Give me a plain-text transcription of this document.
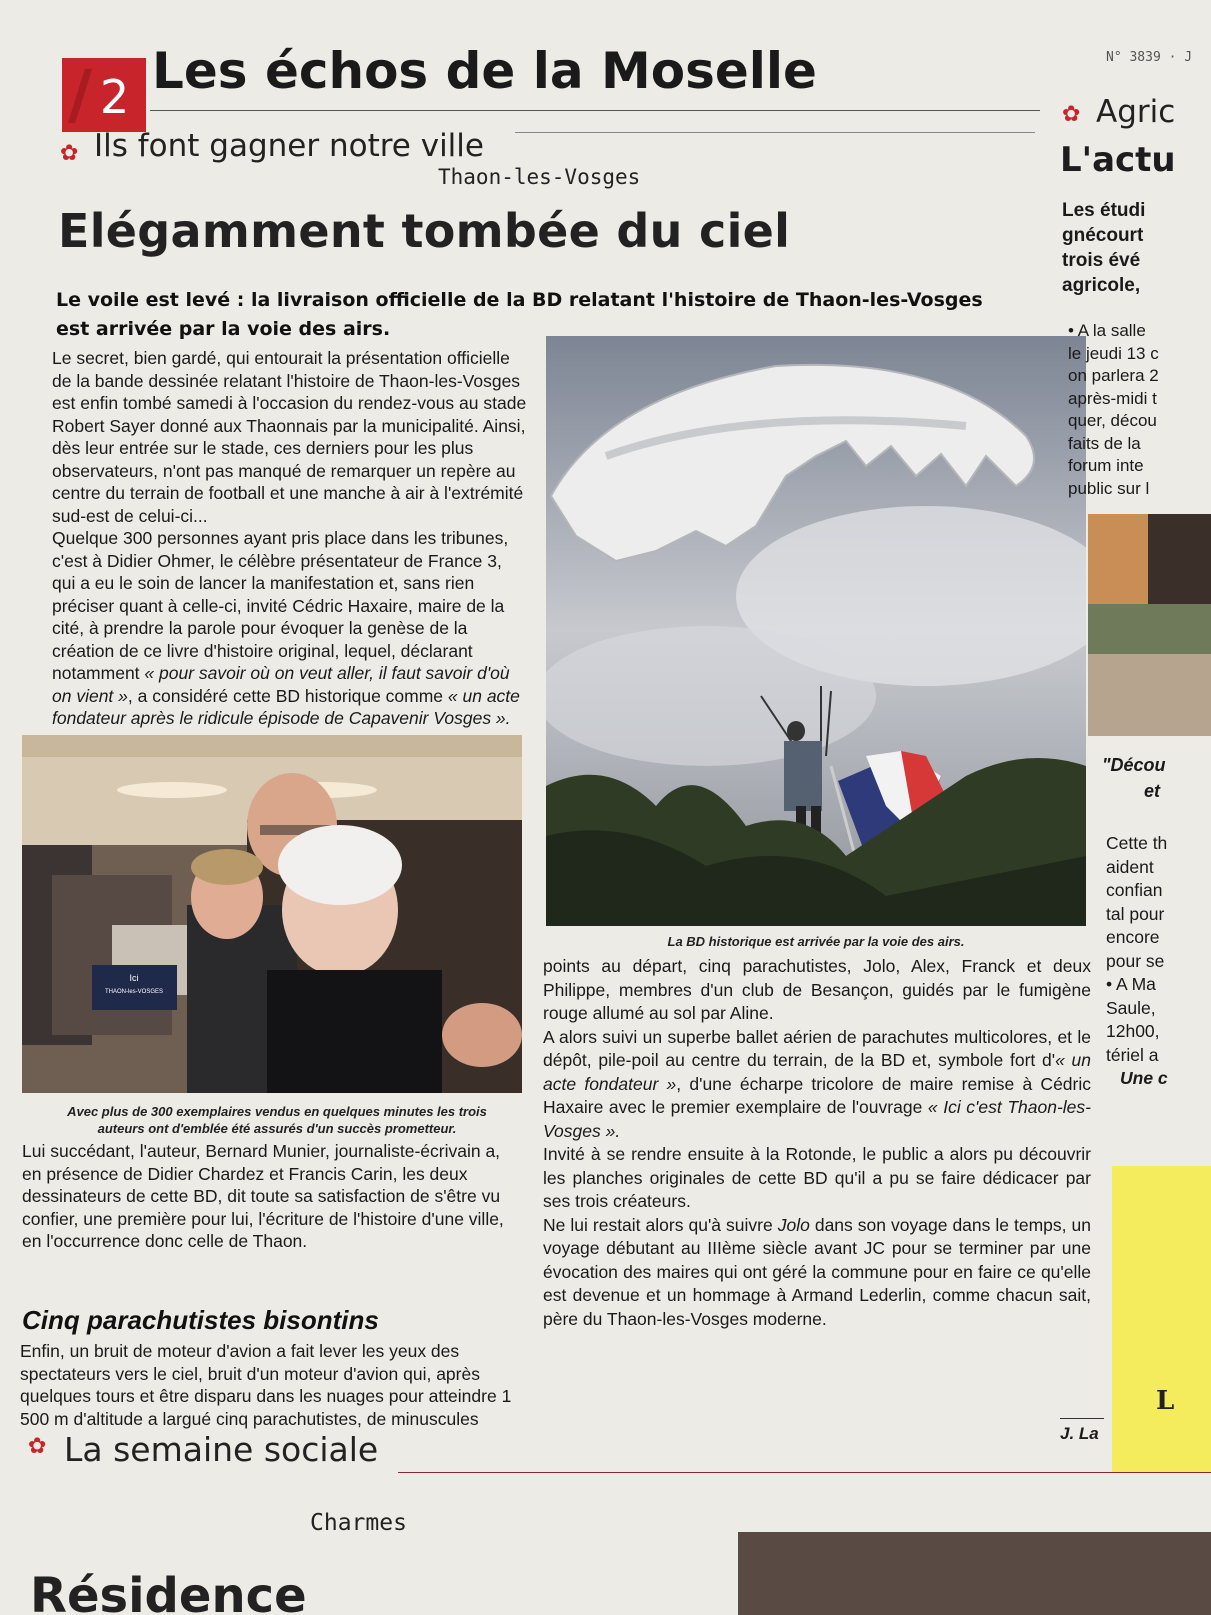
/ 2 Les échos de la Moselle	N° 3839 · J
✿ Ils font gagner notre ville
Thaon-les-Vosges
Elégamment tombée du ciel
Le voile est levé : la livraison officielle de la BD relatant l'histoire de Thaon-les-Vosges est arrivée par la voie des airs.

Le secret, bien gardé, qui entourait la présentation officielle de la bande dessinée relatant l'histoire de Thaon-les-Vosges est enfin tombé samedi à l'occasion du rendez-vous au stade Robert Sayer donné aux Thaonnais par la municipalité. Ainsi, dès leur entrée sur le stade, ces derniers pour les plus observateurs, n'ont pas manqué de remarquer un repère au centre du terrain de football et une manche à air à l'extrémité sud-est de celui-ci...

Quelque 300 personnes ayant pris place dans les tribunes, c'est à Didier Ohmer, le célèbre présentateur de France 3, qui a eu le soin de lancer la manifestation et, sans rien préciser quant à celle-ci, invité Cédric Haxaire, maire de la cité, à prendre la parole pour évoquer la genèse de la création de ce livre d'histoire original, lequel, déclarant notamment « pour savoir où on veut aller, il faut savoir d'où on vient », a considéré cette BD historique comme « un acte fondateur après le ridicule épisode de Capavenir Vosges ».

Ici
THAON-les-VOSGES
Avec plus de 300 exemplaires vendus en quelques minutes les trois auteurs ont d'emblée été assurés d'un succès prometteur.

Lui succédant, l'auteur, Bernard Munier, journaliste-écrivain a, en présence de Didier Chardez et Francis Carin, les deux dessinateurs de cette BD, dit toute sa satisfaction de s'être vu confier, une première pour lui, l'écriture de l'histoire d'une ville, en l'occurrence donc celle de Thaon.

Cinq parachutistes bisontins

Enfin, un bruit de moteur d'avion a fait lever les yeux des spectateurs vers le ciel, bruit d'un moteur d'avion qui, après quelques tours et être disparu dans les nuages pour atteindre 1 500 m d'altitude a largué cinq parachutistes, de minuscules

La BD historique est arrivée par la voie des airs.

points au départ, cinq parachutistes, Jolo, Alex, Franck et deux Philippe, membres d'un club de Besançon, guidés par le fumigène rouge allumé au sol par Aline.

A alors suivi un superbe ballet aérien de parachutes multicolores, et le dépôt, pile-poil au centre du terrain, de la BD et, symbole fort d'« un acte fondateur », d'une écharpe tricolore de maire remise à Cédric Haxaire avec le premier exemplaire de l'ouvrage « Ici c'est Thaon-les-Vosges ».

Invité à se rendre ensuite à la Rotonde, le public a alors pu découvrir les planches originales de cette BD qu'il a pu se faire dédicacer par ses trois créateurs.

Ne lui restait alors qu'à suivre Jolo dans son voyage dans le temps, un voyage débutant au IIIème siècle avant JC pour se terminer par une évocation des maires qui ont géré la commune pour en faire ce qu'elle est devenue et un hommage à Armand Lederlin, comme chacun sait, père du Thaon-les-Vosges moderne.

J. La
✿ Agric
L'actu
Les étudi
gnécourt
trois évé
agricole,
• A la salle
le jeudi 13 c
on parlera 2
après-midi t
quer, décou
faits de la
forum inte
public sur l
"Décou
et
Cette th
aident
confian
tal pour
encore
pour se
• A Ma
Saule,
12h00,
tériel a
Une c
L
✿ La semaine sociale
Charmes
Résidence
